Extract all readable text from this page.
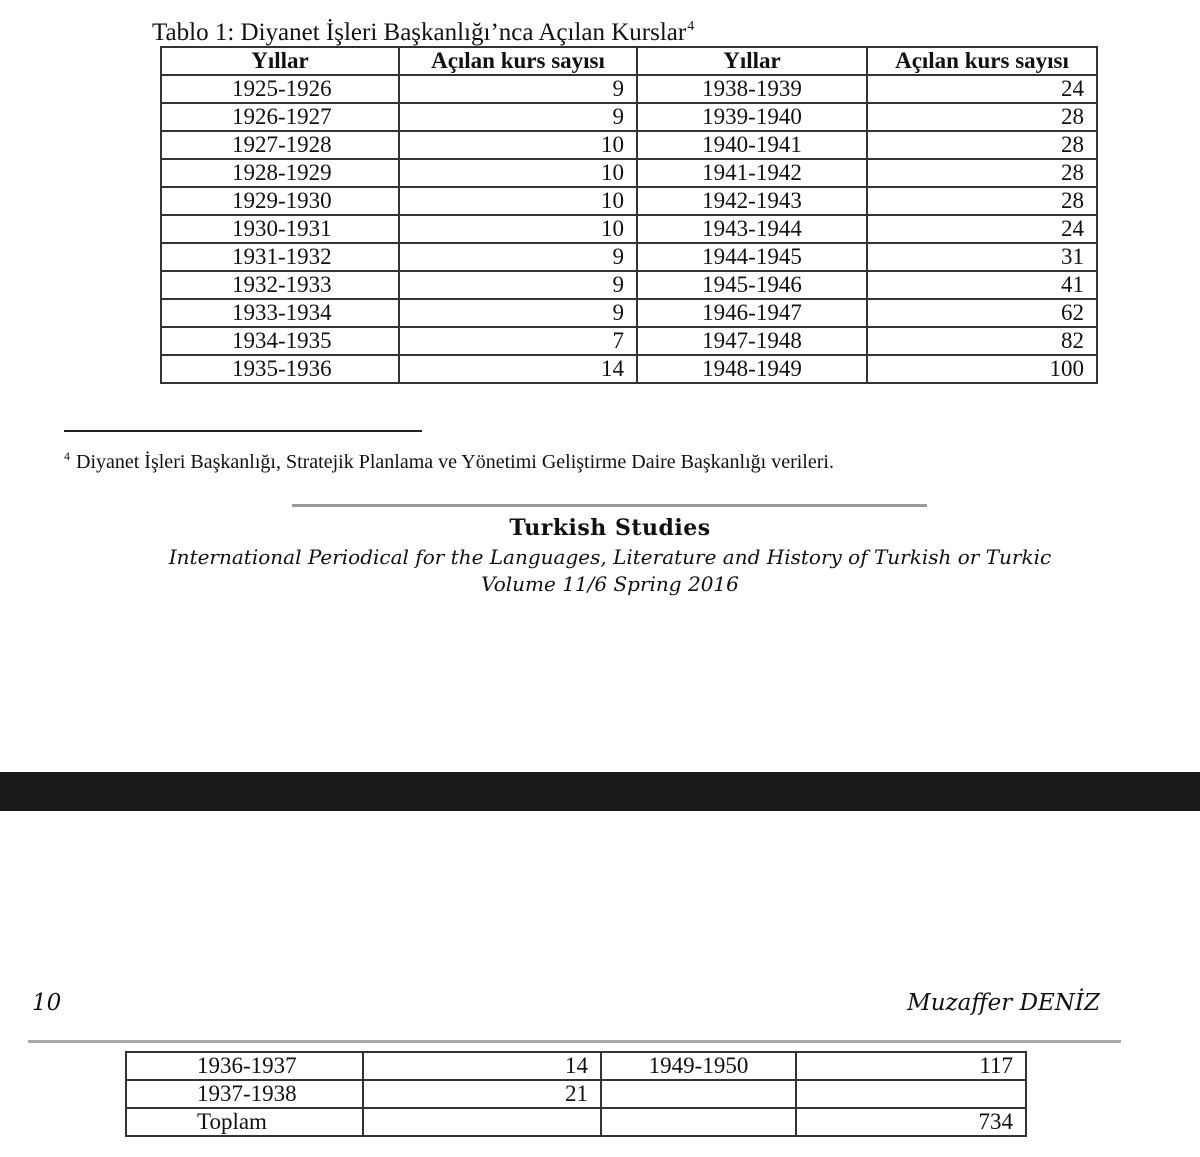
Tablo 1: Diyanet İşleri Başkanlığı’nca Açılan Kurslar$^4$
Yıllar	Açılan kurs sayısı	Yıllar	Açılan kurs sayısı
1925-1926	9	1938-1939	24
1926-1927	9	1939-1940	28
1927-1928	10	1940-1941	28
1928-1929	10	1941-1942	28
1929-1930	10	1942-1943	28
1930-1931	10	1943-1944	24
1931-1932	9	1944-1945	31
1932-1933	9	1945-1946	41
1933-1934	9	1946-1947	62
1934-1935	7	1947-1948	82
1935-1936	14	1948-1949	100
$^4$ Diyanet İşleri Başkanlığı, Stratejik Planlama ve Yönetimi Geliştirme Daire Başkanlığı verileri.
Turkish Studies
International Periodical for the Languages, Literature and History of Turkish or Turkic
Volume 11/6 Spring 2016
10	Muzaffer DENİZ
1936-1937	14	1949-1950	117
1937-1938	21		
Toplam			734
